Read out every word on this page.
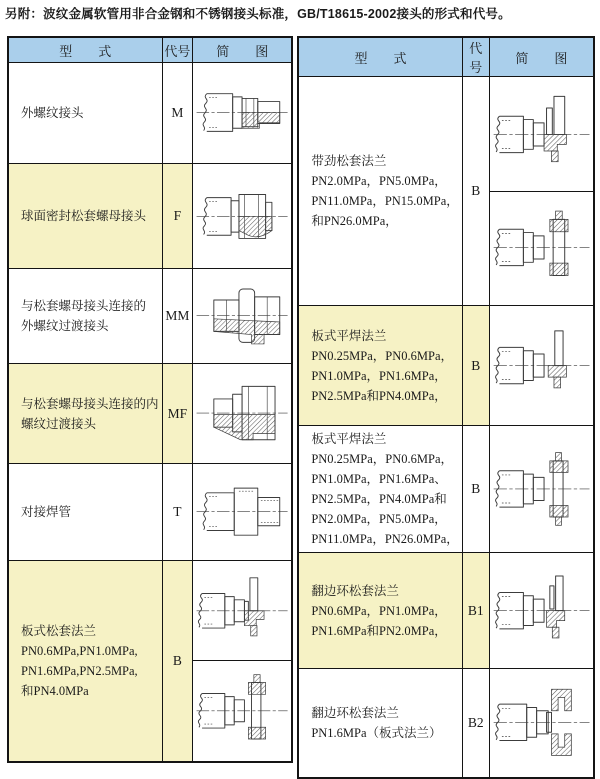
另附：波纹金属软管用非合金钢和不锈钢接头标准，GB/T18615-2002接头的形式和代号。
型　　式	代号	简　　图

外螺纹接头	M	

球面密封松套螺母接头	F	

与松套螺母接头连接的
外螺纹过渡接头	MM	

与松套螺母接头连接的内
螺纹过渡接头	MF	

对接焊管	T	

板式松套法兰
PN0.6MPa,PN1.0MPa,
PN1.6MPa,PN2.5MPa,
和PN4.0MPa	B	
型　　式	代号	简　　图

带劲松套法兰
PN2.0MPa，PN5.0MPa，
PN11.0MPa，PN15.0MPa，
和PN26.0MPa，	B	

板式平焊法兰
PN0.25MPa，PN0.6MPa，
PN1.0MPa，PN1.6MPa，
PN2.5MPa和PN4.0MPa，	B	

板式平焊法兰
PN0.25MPa，PN0.6MPa，
PN1.0MPa，PN1.6MPa、
PN2.5MPa，PN4.0MPa和
PN2.0MPa，PN5.0MPa，
PN11.0MPa，PN26.0MPa，
	B	

翻边环松套法兰
PN0.6MPa，PN1.0MPa，
PN1.6MPa和PN2.0MPa，	B1	

翻边环松套法兰
PN1.6MPa（板式法兰）	B2	
